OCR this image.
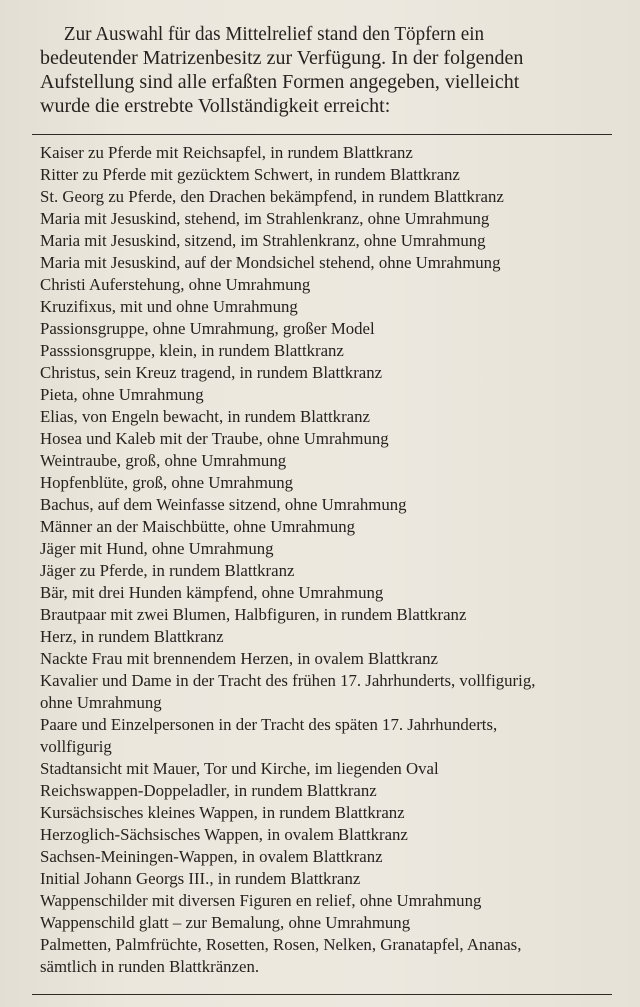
Zur Auswahl für das Mittelrelief stand den Töpfern ein
bedeutender Matrizenbesitz zur Verfügung. In der folgenden
Aufstellung sind alle erfaßten Formen angegeben, vielleicht
wurde die erstrebte Vollständigkeit erreicht:
Kaiser zu Pferde mit Reichsapfel, in rundem Blattkranz
Ritter zu Pferde mit gezücktem Schwert, in rundem Blattkranz
St. Georg zu Pferde, den Drachen bekämpfend, in rundem Blattkranz
Maria mit Jesuskind, stehend, im Strahlenkranz, ohne Umrahmung
Maria mit Jesuskind, sitzend, im Strahlenkranz, ohne Umrahmung
Maria mit Jesuskind, auf der Mondsichel stehend, ohne Umrahmung
Christi Auferstehung, ohne Umrahmung
Kruzifixus, mit und ohne Umrahmung
Passionsgruppe, ohne Umrahmung, großer Model
Passsionsgruppe, klein, in rundem Blattkranz
Christus, sein Kreuz tragend, in rundem Blattkranz
Pieta, ohne Umrahmung
Elias, von Engeln bewacht, in rundem Blattkranz
Hosea und Kaleb mit der Traube, ohne Umrahmung
Weintraube, groß, ohne Umrahmung
Hopfenblüte, groß, ohne Umrahmung
Bachus, auf dem Weinfasse sitzend, ohne Umrahmung
Männer an der Maischbütte, ohne Umrahmung
Jäger mit Hund, ohne Umrahmung
Jäger zu Pferde, in rundem Blattkranz
Bär, mit drei Hunden kämpfend, ohne Umrahmung
Brautpaar mit zwei Blumen, Halbfiguren, in rundem Blattkranz
Herz, in rundem Blattkranz
Nackte Frau mit brennendem Herzen, in ovalem Blattkranz
Kavalier und Dame in der Tracht des frühen 17. Jahrhunderts, vollfigurig,
ohne Umrahmung
Paare und Einzelpersonen in der Tracht des späten 17. Jahrhunderts,
vollfigurig
Stadtansicht mit Mauer, Tor und Kirche, im liegenden Oval
Reichswappen-Doppeladler, in rundem Blattkranz
Kursächsisches kleines Wappen, in rundem Blattkranz
Herzoglich-Sächsisches Wappen, in ovalem Blattkranz
Sachsen-Meiningen-Wappen, in ovalem Blattkranz
Initial Johann Georgs III., in rundem Blattkranz
Wappenschilder mit diversen Figuren en relief, ohne Umrahmung
Wappenschild glatt – zur Bemalung, ohne Umrahmung
Palmetten, Palmfrüchte, Rosetten, Rosen, Nelken, Granatapfel, Ananas,
sämtlich in runden Blattkränzen.
